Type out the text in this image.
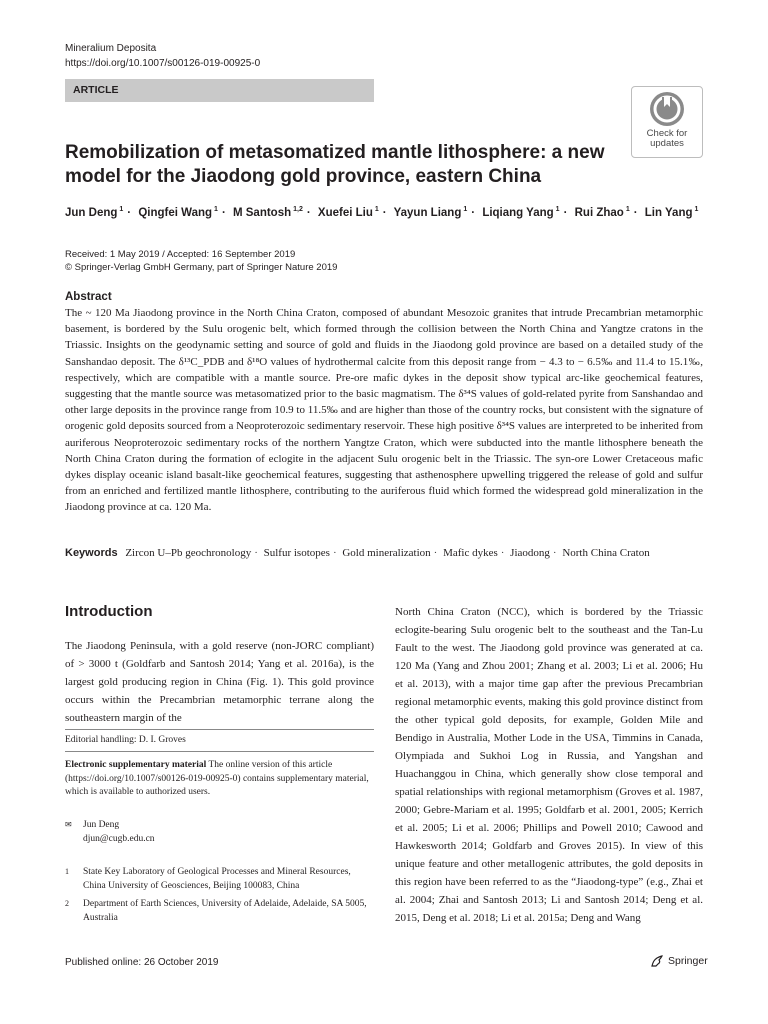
Mineralium Deposita
https://doi.org/10.1007/s00126-019-00925-0
ARTICLE
Check for
updates
Remobilization of metasomatized mantle lithosphere: a new model for the Jiaodong gold province, eastern China
Jun Deng $^1$ · Qingfei Wang $^1$ · M Santosh $^{1,2}$ · Xuefei Liu $^1$ · Yayun Liang $^1$ · Liqiang Yang $^1$ · Rui Zhao $^1$ · Lin Yang $^1$
Received: 1 May 2019 / Accepted: 16 September 2019
© Springer-Verlag GmbH Germany, part of Springer Nature 2019
Abstract

The ~ 120 Ma Jiaodong province in the North China Craton, composed of abundant Mesozoic granites that intrude Precambrian metamorphic basement, is bordered by the Sulu orogenic belt, which formed through the collision between the North China and Yangtze cratons in the Triassic. Insights on the geodynamic setting and source of gold and fluids in the Jiaodong gold province are based on a detailed study of the Sanshandao deposit. The δ¹³C_PDB and δ¹⁸O values of hydrothermal calcite from this deposit range from − 4.3 to − 6.5‰ and 11.4 to 15.1‰, respectively, which are compatible with a mantle source. Pre-ore mafic dykes in the deposit show typical arc-like geochemical features, suggesting that the mantle source was metasomatized prior to the basic magmatism. The δ³⁴S values of gold-related pyrite from Sanshandao and other large deposits in the province range from 10.9 to 11.5‰ and are higher than those of the country rocks, but consistent with the signature of orogenic gold deposits sourced from a Neoproterozoic sedimentary reservoir. These high positive δ³⁴S values are interpreted to be inherited from auriferous Neoproterozoic sedimentary rocks of the northern Yangtze Craton, which were subducted into the mantle lithosphere beneath the North China Craton during the formation of eclogite in the adjacent Sulu orogenic belt in the Triassic. The syn-ore Lower Cretaceous mafic dykes display oceanic island basalt-like geochemical features, suggesting that asthenosphere upwelling triggered the release of gold and sulfur from an enriched and fertilized mantle lithosphere, contributing to the auriferous fluid which formed the widespread gold mineralization in the Jiaodong province at ca. 120 Ma.

Keywords Zircon U–Pb geochronology · Sulfur isotopes · Gold mineralization · Mafic dykes · Jiaodong · North China Craton
Introduction

The Jiaodong Peninsula, with a gold reserve (non-JORC compliant) of > 3000 t (Goldfarb and Santosh 2014; Yang et al. 2016a), is the largest gold producing region in China (Fig. 1). This gold province occurs within the Precambrian metamorphic terrane along the southeastern margin of the

Editorial handling: D. I. Groves
Electronic supplementary material The online version of this article (https://doi.org/10.1007/s00126-019-00925-0) contains supplementary material, which is available to authorized users.
✉	Jun Deng
djun@cugb.edu.cn
1	State Key Laboratory of Geological Processes and Mineral Resources, China University of Geosciences, Beijing 100083, China
2	Department of Earth Sciences, University of Adelaide, Adelaide, SA 5005, Australia

North China Craton (NCC), which is bordered by the Triassic eclogite-bearing Sulu orogenic belt to the southeast and the Tan-Lu Fault to the west. The Jiaodong gold province was generated at ca. 120 Ma (Yang and Zhou 2001; Zhang et al. 2003; Li et al. 2006; Hu et al. 2013), with a major time gap after the previous Precambrian regional metamorphic events, making this gold province distinct from the other typical gold deposits, for example, Golden Mile and Bendigo in Australia, Mother Lode in the USA, Timmins in Canada, Olympiada and Sukhoi Log in Russia, and Yangshan and Huachanggou in China, which generally show close temporal and spatial relationships with regional metamorphism (Groves et al. 1987, 2000; Gebre-Mariam et al. 1995; Goldfarb et al. 2001, 2005; Kerrich et al. 2005; Li et al. 2006; Phillips and Powell 2010; Cawood and Hawkesworth 2014; Goldfarb and Groves 2015). In view of this unique feature and other metallogenic attributes, the gold deposits in this region have been referred to as the “Jiaodong-type” (e.g., Zhai et al. 2004; Zhai and Santosh 2013; Li and Santosh 2014; Deng et al. 2015, Deng et al. 2018; Li et al. 2015a; Deng and Wang

Published online: 26 October 2019	Springer
